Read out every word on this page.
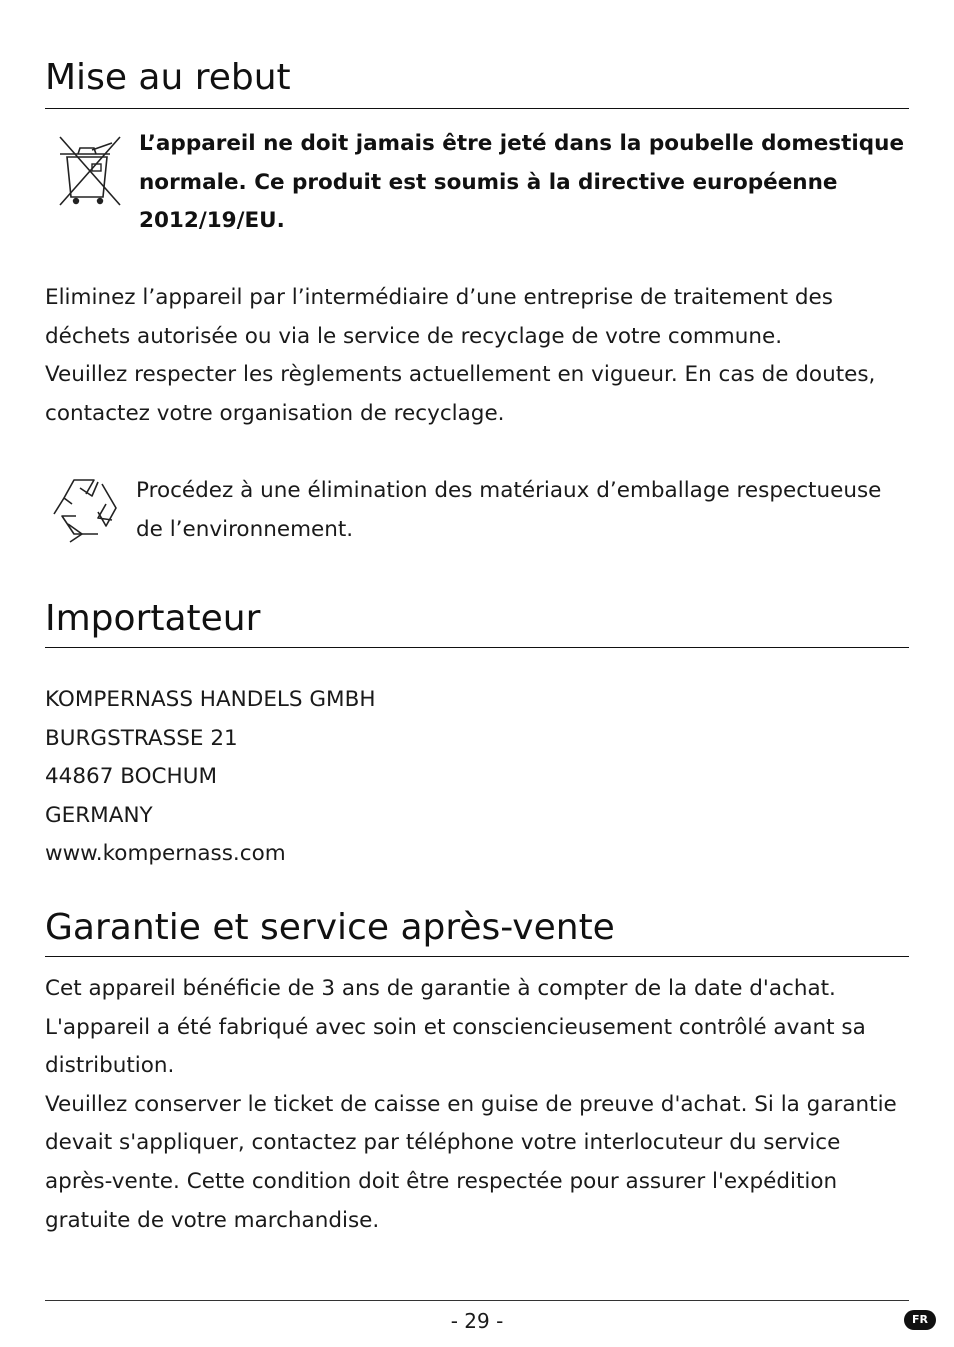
Mise au rebut

L’appareil ne doit jamais être jeté dans la poubelle domestique
normale. Ce produit est soumis à la directive européenne
2012/19/EU.

Eliminez l’appareil par l’intermédiaire d’une entreprise de traitement des
déchets autorisée ou via le service de recyclage de votre commune.
Veuillez respecter les règlements actuellement en vigueur. En cas de doutes,
contactez votre organisation de recyclage.

Procédez à une élimination des matériaux d’emballage respectueuse
de l’environnement.

Importateur

KOMPERNASS HANDELS GMBH
BURGSTRASSE 21
44867 BOCHUM
GERMANY
www.kompernass.com

Garantie et service après-vente

Cet appareil bénéficie de 3 ans de garantie à compter de la date d'achat.
L'appareil a été fabriqué avec soin et consciencieusement contrôlé avant sa
distribution.
Veuillez conserver le ticket de caisse en guise de preuve d'achat. Si la garantie
devait s'appliquer, contactez par téléphone votre interlocuteur du service
après-vente. Cette condition doit être respectée pour assurer l'expédition
gratuite de votre marchandise.

- 29 -	FR
